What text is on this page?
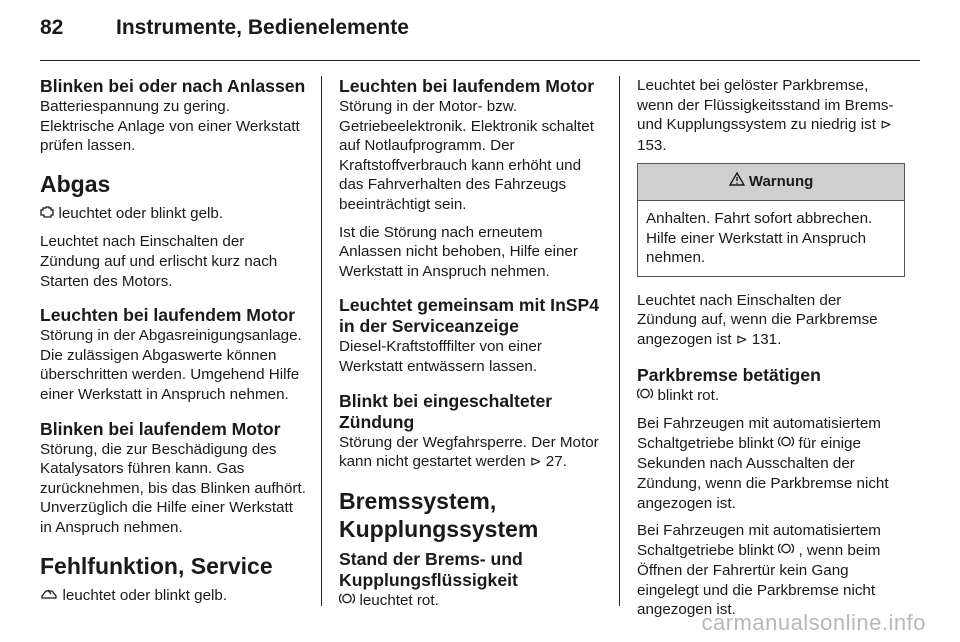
82	Instrumente, Bedienelemente
Blinken bei oder nach Anlassen

Batteriespannung zu gering. Elektrische Anlage von einer Werkstatt prüfen lassen.

Abgas

leuchtet oder blinkt gelb.

Leuchtet nach Einschalten der Zündung auf und erlischt kurz nach Starten des Motors.

Leuchten bei laufendem Motor

Störung in der Abgasreinigungsanlage. Die zulässigen Abgaswerte können überschritten werden. Umgehend Hilfe einer Werkstatt in Anspruch nehmen.

Blinken bei laufendem Motor

Störung, die zur Beschädigung des Katalysators führen kann. Gas zurücknehmen, bis das Blinken aufhört. Unverzüglich die Hilfe einer Werkstatt in Anspruch nehmen.

Fehlfunktion, Service

leuchtet oder blinkt gelb.

Leuchten bei laufendem Motor

Störung in der Motor- bzw. Getriebeelektronik. Elektronik schaltet auf Notlaufprogramm. Der Kraftstoffverbrauch kann erhöht und das Fahrverhalten des Fahrzeugs beeinträchtigt sein.

Ist die Störung nach erneutem Anlassen nicht behoben, Hilfe einer Werkstatt in Anspruch nehmen.

Leuchtet gemeinsam mit InSP4 in der Serviceanzeige

Diesel-Kraftstofffilter von einer Werkstatt entwässern lassen.

Blinkt bei eingeschalteter Zündung

Störung der Wegfahrsperre. Der Motor kann nicht gestartet werden ⊳ 27.

Bremssystem, Kupplungssystem
Stand der Brems- und Kupplungsflüssigkeit

leuchtet rot.

Leuchtet bei gelöster Parkbremse, wenn der Flüssigkeitsstand im Brems- und Kupplungssystem zu niedrig ist ⊳ 153.

Warnung
Anhalten. Fahrt sofort abbrechen. Hilfe einer Werkstatt in Anspruch nehmen.

Leuchtet nach Einschalten der Zündung auf, wenn die Parkbremse angezogen ist ⊳ 131.

Parkbremse betätigen

blinkt rot.

Bei Fahrzeugen mit automatisiertem Schaltgetriebe blinkt für einige Sekunden nach Ausschalten der Zündung, wenn die Parkbremse nicht angezogen ist.

Bei Fahrzeugen mit automatisiertem Schaltgetriebe blinkt , wenn beim Öffnen der Fahrertür kein Gang eingelegt und die Parkbremse nicht angezogen ist.

carmanualsonline.info
